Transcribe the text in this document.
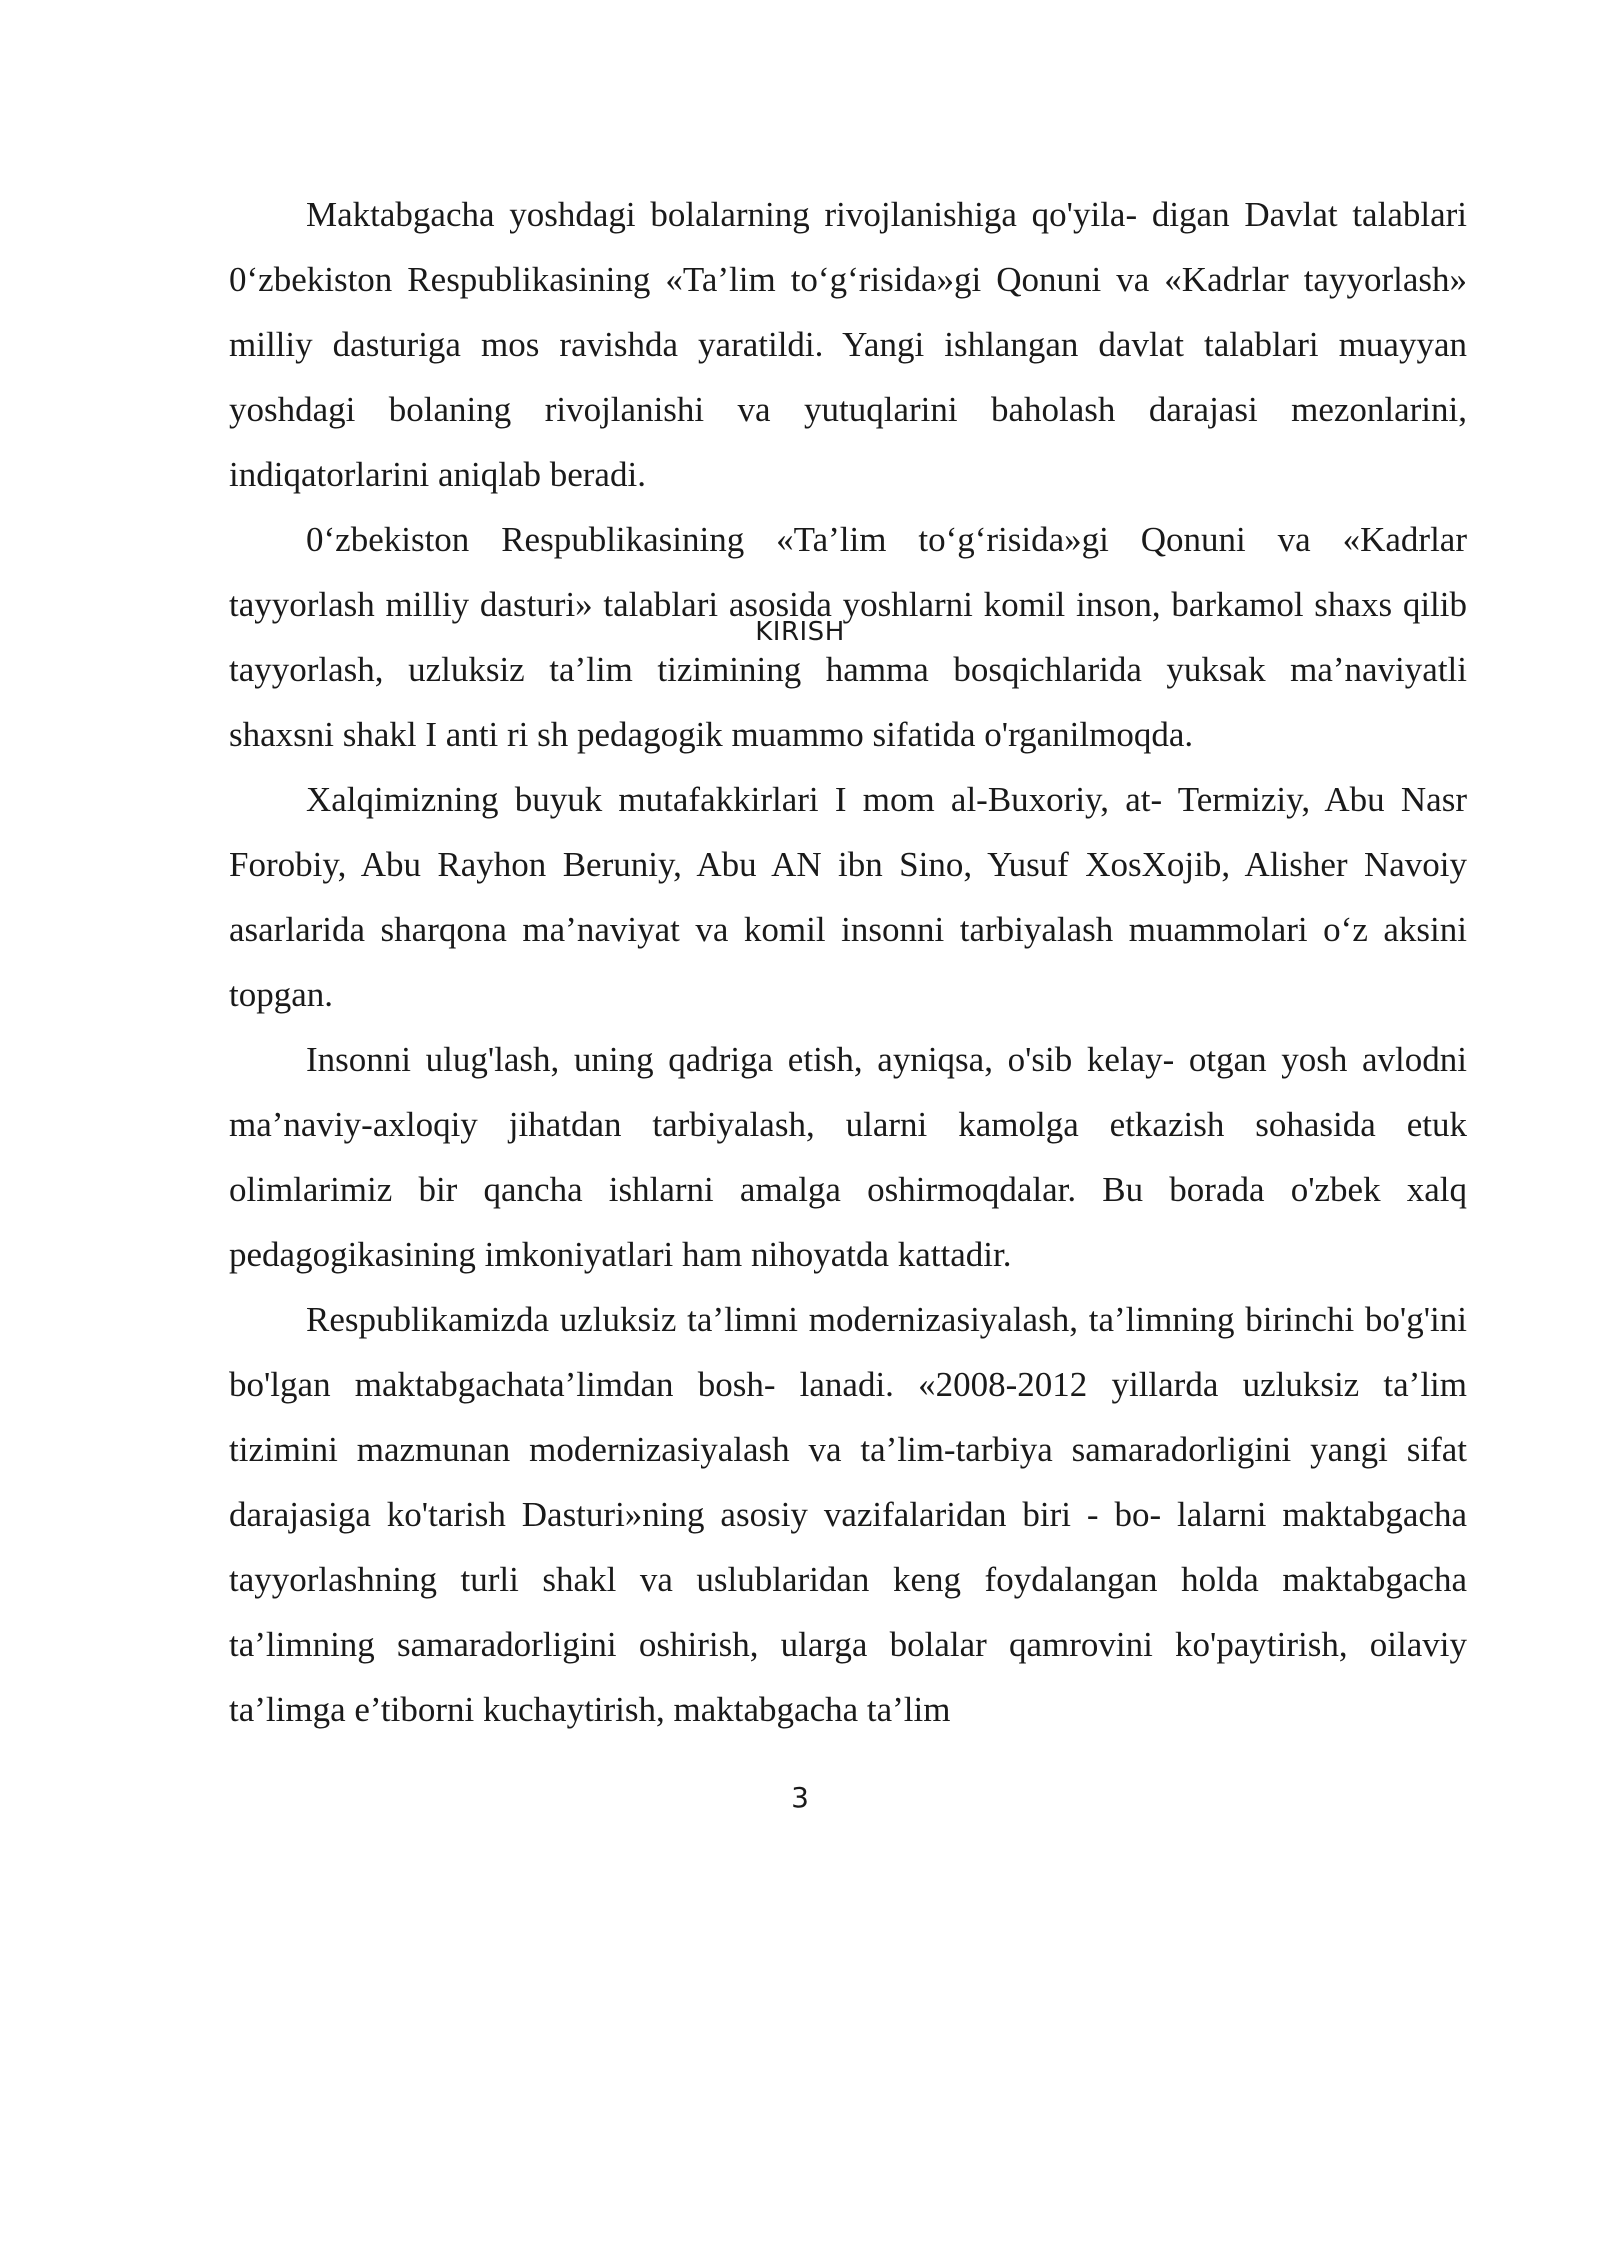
Maktabgacha yoshdagi bolalarning rivojlanishiga qo'yila- digan Davlat talablari 0‘zbekiston Respublikasining «Ta’lim to‘g‘risida»gi Qonuni va «Kadrlar tayyorlash» milliy dasturiga mos ravishda yaratildi. Yangi ishlangan davlat talablari muayyan yoshdagi bolaning rivojlanishi va yutuqlarini baholash darajasi mezonlarini, indiqatorlarini aniqlab beradi.

0‘zbekiston Respublikasining «Ta’lim to‘g‘risida»gi Qonuni va «Kadrlar tayyorlash milliy dasturi» talablari asosida yoshlarni komil inson, barkamol shaxs qilib tayyorlash, uzluksiz ta’lim tizimining hamma bosqichlarida yuksak ma’naviyatli shaxsni shakl I anti ri sh pedagogik muammo sifatida o'rganilmoqda.

Xalqimizning buyuk mutafakkirlari I mom al-Buxoriy, at- Termiziy, Abu Nasr Forobiy, Abu Rayhon Beruniy, Abu AN ibn Sino, Yusuf XosXojib, Alisher Navoiy asarlarida sharqona ma’naviyat va komil insonni tarbiyalash muammolari o‘z aksini topgan.

Insonni ulug'lash, uning qadriga etish, ayniqsa, o'sib kelay- otgan yosh avlodni ma’naviy-axloqiy jihatdan tarbiyalash, ularni kamolga etkazish sohasida etuk olimlarimiz bir qancha ishlarni amalga oshirmoqdalar. Bu borada o'zbek xalq pedagogikasining imkoniyatlari ham nihoyatda kattadir.

Respublikamizda uzluksiz ta’limni modernizasiyalash, ta’limning birinchi bo'g'ini bo'lgan maktabgachata’limdan bosh- lanadi. «2008-2012 yillarda uzluksiz ta’lim tizimini mazmunan modernizasiyalash va ta’lim-tarbiya samaradorligini yangi sifat darajasiga ko'tarish Dasturi»ning asosiy vazifalaridan biri - bo- lalarni maktabgacha tayyorlashning turli shakl va uslublaridan keng foydalangan holda maktabgacha ta’limning samaradorligini oshirish, ularga bolalar qamrovini ko'paytirish, oilaviy ta’limga e’tiborni kuchaytirish, maktabgacha ta’lim

KIRISH
3
